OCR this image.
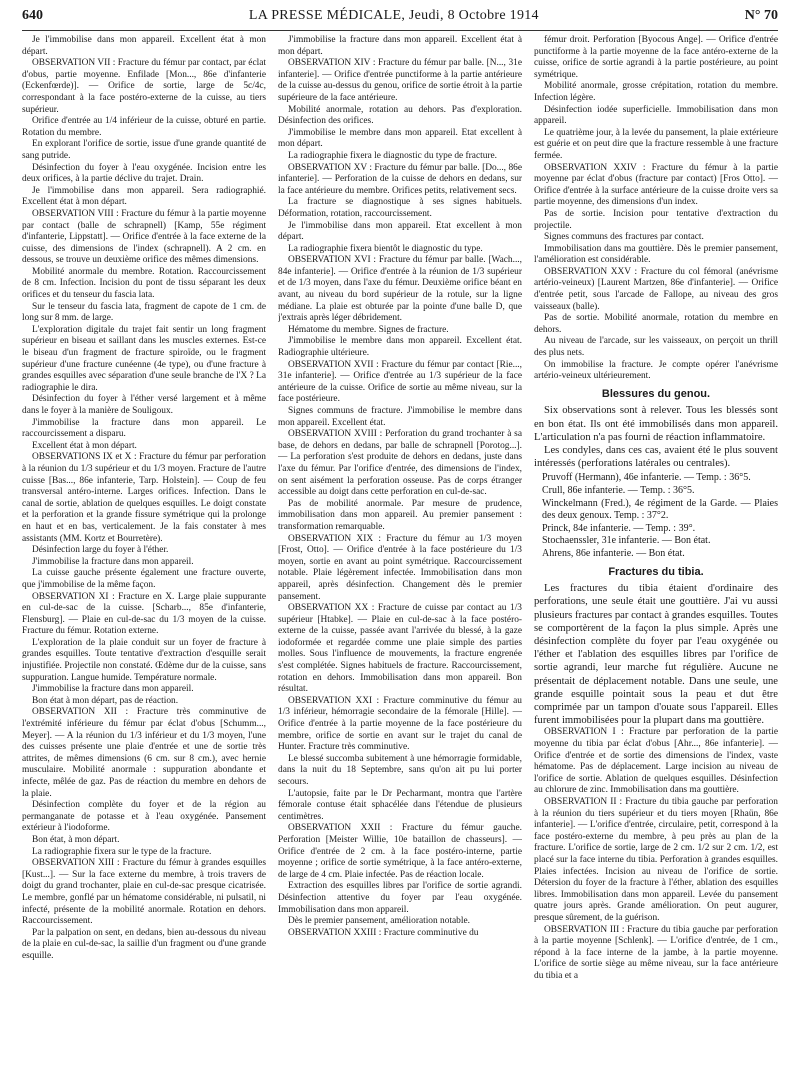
640	LA PRESSE MÉDICALE, Jeudi, 8 Octobre 1914	N° 70

Je l'immobilise dans mon appareil. Excellent état à mon départ.

OBSERVATION VII : Fracture du fémur par contact, par éclat d'obus, partie moyenne. Enfilade [Mon..., 86e d'infanterie (Eckenfœrde)]. — Orifice de sortie, large de 5c/4c, correspondant à la face postéro-externe de la cuisse, au tiers supérieur.

Orifice d'entrée au 1/4 inférieur de la cuisse, obturé en partie. Rotation du membre.

En explorant l'orifice de sortie, issue d'une grande quantité de sang putride.

Désinfection du foyer à l'eau oxygénée. Incision entre les deux orifices, à la partie déclive du trajet. Drain.

Je l'immobilise dans mon appareil. Sera radiographié. Excellent état à mon départ.

OBSERVATION VIII : Fracture du fémur à la partie moyenne par contact (balle de schrapnell) [Kamp, 55e régiment d'infanterie, Lippstatt]. — Orifice d'entrée à la face externe de la cuisse, des dimensions de l'index (schrapnell). A 2 cm. en dessous, se trouve un deuxième orifice des mêmes dimensions.

Mobilité anormale du membre. Rotation. Raccourcissement de 8 cm. Infection. Incision du pont de tissu séparant les deux orifices et du tenseur du fascia lata.

Sur le tenseur du fascia lata, fragment de capote de 1 cm. de long sur 8 mm. de large.

L'exploration digitale du trajet fait sentir un long fragment supérieur en biseau et saillant dans les muscles externes. Est-ce le biseau d'un fragment de fracture spiroïde, ou le fragment supérieur d'une fracture cunéenne (4e type), ou d'une fracture à grandes esquilles avec séparation d'une seule branche de l'X ? La radiographie le dira.

Désinfection du foyer à l'éther versé largement et à même dans le foyer à la manière de Souligoux.

J'immobilise la fracture dans mon appareil. Le raccourcissement a disparu.

Excellent état à mon départ.

OBSERVATIONS IX et X : Fracture du fémur par perforation à la réunion du 1/3 supérieur et du 1/3 moyen. Fracture de l'autre cuisse [Bas..., 86e infanterie, Tarp. Holstein]. — Coup de feu transversal antéro-interne. Larges orifices. Infection. Dans le canal de sortie, ablation de quelques esquilles. Le doigt constate et la perforation et la grande fissure symétrique qui la prolonge en haut et en bas, verticalement. Je la fais constater à mes assistants (MM. Kortz et Bourretère).

Désinfection large du foyer à l'éther.

J'immobilise la fracture dans mon appareil.

La cuisse gauche présente également une fracture ouverte, que j'immobilise de la même façon.

OBSERVATION XI : Fracture en X. Large plaie suppurante en cul-de-sac de la cuisse. [Scharb..., 85e d'infanterie, Flensburg]. — Plaie en cul-de-sac du 1/3 moyen de la cuisse. Fracture du fémur. Rotation externe.

L'exploration de la plaie conduit sur un foyer de fracture à grandes esquilles. Toute tentative d'extraction d'esquille serait injustifiée. Projectile non constaté. Œdème dur de la cuisse, sans suppuration. Langue humide. Température normale.

J'immobilise la fracture dans mon appareil.

Bon état à mon départ, pas de réaction.

OBSERVATION XII : Fracture très comminutive de l'extrémité inférieure du fémur par éclat d'obus [Schumm..., Meyer]. — A la réunion du 1/3 inférieur et du 1/3 moyen, l'une des cuisses présente une plaie d'entrée et une de sortie très attrites, de mêmes dimensions (6 cm. sur 8 cm.), avec hernie musculaire. Mobilité anormale : suppuration abondante et infecte, mêlée de gaz. Pas de réaction du membre en dehors de la plaie.

Désinfection complète du foyer et de la région au permanganate de potasse et à l'eau oxygénée. Pansement extérieur à l'iodoforme.

Bon état, à mon départ.

La radiographie fixera sur le type de la fracture.

OBSERVATION XIII : Fracture du fémur à grandes esquilles [Kust...]. — Sur la face externe du membre, à trois travers de doigt du grand trochanter, plaie en cul-de-sac presque cicatrisée. Le membre, gonflé par un hématome considérable, ni pulsatil, ni infecté, présente de la mobilité anormale. Rotation en dehors. Raccourcissement.

Par la palpation on sent, en dedans, bien au-dessous du niveau de la plaie en cul-de-sac, la saillie d'un fragment ou d'une grande esquille.

J'immobilise la fracture dans mon appareil. Excellent état à mon départ.

OBSERVATION XIV : Fracture du fémur par balle. [N..., 31e infanterie]. — Orifice d'entrée punctiforme à la partie antérieure de la cuisse au-dessus du genou, orifice de sortie étroit à la partie supérieure de la face antérieure.

Mobilité anormale, rotation au dehors. Pas d'exploration. Désinfection des orifices.

J'immobilise le membre dans mon appareil. Etat excellent à mon départ.

La radiographie fixera le diagnostic du type de fracture.

OBSERVATION XV : Fracture du fémur par balle. [Do..., 86e infanterie]. — Perforation de la cuisse de dehors en dedans, sur la face antérieure du membre. Orifices petits, relativement secs.

La fracture se diagnostique à ses signes habituels. Déformation, rotation, raccourcissement.

Je l'immobilise dans mon appareil. Etat excellent à mon départ.

La radiographie fixera bientôt le diagnostic du type.

OBSERVATION XVI : Fracture du fémur par balle. [Wach..., 84e infanterie]. — Orifice d'entrée à la réunion de 1/3 supérieur et de 1/3 moyen, dans l'axe du fémur. Deuxième orifice béant en avant, au niveau du bord supérieur de la rotule, sur la ligne médiane. La plaie est obturée par la pointe d'une balle D, que j'extrais après léger débridement.

Hématome du membre. Signes de fracture.

J'immobilise le membre dans mon appareil. Excellent état. Radiographie ultérieure.

OBSERVATION XVII : Fracture du fémur par contact [Rie..., 31e infanterie]. — Orifice d'entrée au 1/3 supérieur de la face antérieure de la cuisse. Orifice de sortie au même niveau, sur la face postérieure.

Signes communs de fracture. J'immobilise le membre dans mon appareil. Excellent état.

OBSERVATION XVIII : Perforation du grand trochanter à sa base, de dehors en dedans, par balle de schrapnell [Porotog...]. — La perforation s'est produite de dehors en dedans, juste dans l'axe du fémur. Par l'orifice d'entrée, des dimensions de l'index, on sent aisément la perforation osseuse. Pas de corps étranger accessible au doigt dans cette perforation en cul-de-sac.

Pas de mobilité anormale. Par mesure de prudence, immobilisation dans mon appareil. Au premier pansement : transformation remarquable.

OBSERVATION XIX : Fracture du fémur au 1/3 moyen [Frost, Otto]. — Orifice d'entrée à la face postérieure du 1/3 moyen, sortie en avant au point symétrique. Raccourcissement notable. Plaie légèrement infectée. Immobilisation dans mon appareil, après désinfection. Changement dès le premier pansement.

OBSERVATION XX : Fracture de cuisse par contact au 1/3 supérieur [Htabke]. — Plaie en cul-de-sac à la face postéro-externe de la cuisse, passée avant l'arrivée du blessé, à la gaze iodoformée et regardée comme une plaie simple des parties molles. Sous l'influence de mouvements, la fracture engrenée s'est complétée. Signes habituels de fracture. Raccourcissement, rotation en dehors. Immobilisation dans mon appareil. Bon résultat.

OBSERVATION XXI : Fracture comminutive du fémur au 1/3 inférieur, hémorragie secondaire de la fémorale [Hille]. — Orifice d'entrée à la partie moyenne de la face postérieure du membre, orifice de sortie en avant sur le trajet du canal de Hunter. Fracture très comminutive.

Le blessé succomba subitement à une hémorragie formidable, dans la nuit du 18 Septembre, sans qu'on ait pu lui porter secours.

L'autopsie, faite par le Dr Pecharmant, montra que l'artère fémorale contuse était sphacélée dans l'étendue de plusieurs centimètres.

OBSERVATION XXII : Fracture du fémur gauche. Perforation [Meister Willie, 10e bataillon de chasseurs]. — Orifice d'entrée de 2 cm. à la face postéro-interne, partie moyenne ; orifice de sortie symétrique, à la face antéro-externe, de large de 4 cm. Plaie infectée. Pas de réaction locale.

Extraction des esquilles libres par l'orifice de sortie agrandi. Désinfection attentive du foyer par l'eau oxygénée. Immobilisation dans mon appareil.

Dès le premier pansement, amélioration notable.

OBSERVATION XXIII : Fracture comminutive du

fémur droit. Perforation [Byocous Ange]. — Orifice d'entrée punctiforme à la partie moyenne de la face antéro-externe de la cuisse, orifice de sortie agrandi à la partie postérieure, au point symétrique.

Mobilité anormale, grosse crépitation, rotation du membre. Infection légère.

Désinfection iodée superficielle. Immobilisation dans mon appareil.

Le quatrième jour, à la levée du pansement, la plaie extérieure est guérie et on peut dire que la fracture ressemble à une fracture fermée.

OBSERVATION XXIV : Fracture du fémur à la partie moyenne par éclat d'obus (fracture par contact) [Fros Otto]. — Orifice d'entrée à la surface antérieure de la cuisse droite vers sa partie moyenne, des dimensions d'un index.

Pas de sortie. Incision pour tentative d'extraction du projectile.

Signes communs des fractures par contact.

Immobilisation dans ma gouttière. Dès le premier pansement, l'amélioration est considérable.

OBSERVATION XXV : Fracture du col fémoral (anévrisme artério-veineux) [Laurent Martzen, 86e d'infanterie]. — Orifice d'entrée petit, sous l'arcade de Fallope, au niveau des gros vaisseaux (balle).

Pas de sortie. Mobilité anormale, rotation du membre en dehors.

Au niveau de l'arcade, sur les vaisseaux, on perçoit un thrill des plus nets.

On immobilise la fracture. Je compte opérer l'anévrisme artério-veineux ultérieurement.

Blessures du genou.

Six observations sont à relever. Tous les blessés sont en bon état. Ils ont été immobilisés dans mon appareil. L'articulation n'a pas fourni de réaction inflammatoire.

Les condyles, dans ces cas, avaient été le plus souvent intéressés (perforations latérales ou centrales).

Pruvoff (Hermann), 46e infanterie. — Temp. : 36°5.
Crull, 86e infanterie. — Temp. : 36°5.
Winckelmann (Fred.), 4e régiment de la Garde. — Plaies des deux genoux. Temp. : 37°2.
Princk, 84e infanterie. — Temp. : 39°.
Stochaenssler, 31e infanterie. — Bon état.
Ahrens, 86e infanterie. — Bon état.
Fractures du tibia.

Les fractures du tibia étaient d'ordinaire des perforations, une seule était une gouttière. J'ai vu aussi plusieurs fractures par contact à grandes esquilles. Toutes se comportèrent de la façon la plus simple. Après une désinfection complète du foyer par l'eau oxygénée ou l'éther et l'ablation des esquilles libres par l'orifice de sortie agrandi, leur marche fut régulière. Aucune ne présentait de déplacement notable. Dans une seule, une grande esquille pointait sous la peau et dut être comprimée par un tampon d'ouate sous l'appareil. Elles furent immobilisées pour la plupart dans ma gouttière.

OBSERVATION I : Fracture par perforation de la partie moyenne du tibia par éclat d'obus [Ahr..., 86e infanterie]. — Orifice d'entrée et de sortie des dimensions de l'index, vaste hématome. Pas de déplacement. Large incision au niveau de l'orifice de sortie. Ablation de quelques esquilles. Désinfection au chlorure de zinc. Immobilisation dans ma gouttière.

OBSERVATION II : Fracture du tibia gauche par perforation à la réunion du tiers supérieur et du tiers moyen [Rhaün, 86e infanterie]. — L'orifice d'entrée, circulaire, petit, correspond à la face postéro-externe du membre, à peu près au plan de la fracture. L'orifice de sortie, large de 2 cm. 1/2 sur 2 cm. 1/2, est placé sur la face interne du tibia. Perforation à grandes esquilles. Plaies infectées. Incision au niveau de l'orifice de sortie. Détersion du foyer de la fracture à l'éther, ablation des esquilles libres. Immobilisation dans mon appareil. Levée du pansement quatre jours après. Grande amélioration. On peut augurer, presque sûrement, de la guérison.

OBSERVATION III : Fracture du tibia gauche par perforation à la partie moyenne [Schlenk]. — L'orifice d'entrée, de 1 cm., répond à la face interne de la jambe, à la partie moyenne. L'orifice de sortie siège au même niveau, sur la face antérieure du tibia et a
